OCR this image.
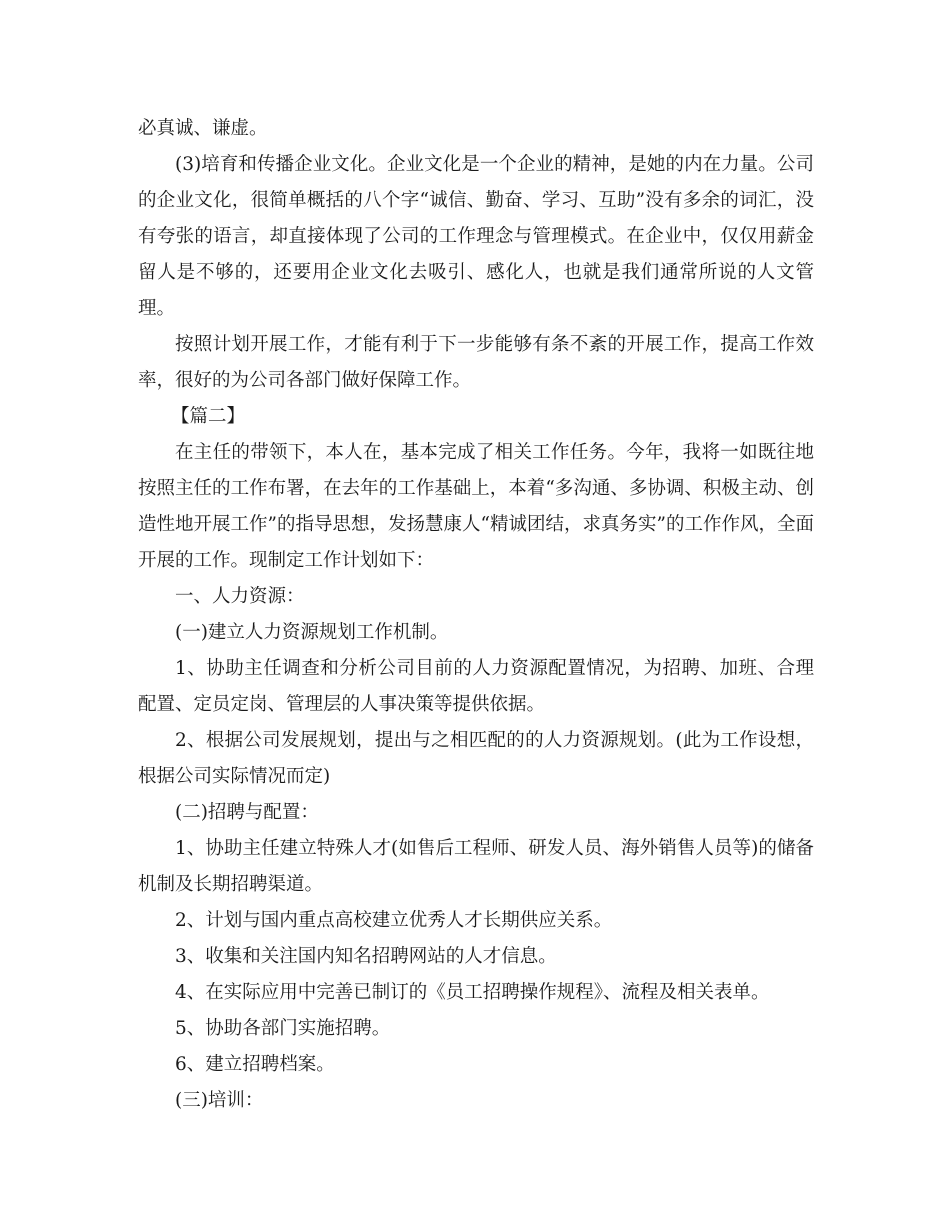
必真诚、谦虚。

(3)培育和传播企业文化。企业文化是一个企业的精神，是她的内在力量。公司的企业文化，很简单概括的八个字“诚信、勤奋、学习、互助”没有多余的词汇，没有夸张的语言，却直接体现了公司的工作理念与管理模式。在企业中，仅仅用薪金留人是不够的，还要用企业文化去吸引、感化人，也就是我们通常所说的人文管理。

按照计划开展工作，才能有利于下一步能够有条不紊的开展工作，提高工作效率，很好的为公司各部门做好保障工作。

【篇二】

在主任的带领下，本人在，基本完成了相关工作任务。今年，我将一如既往地按照主任的工作布署，在去年的工作基础上，本着“多沟通、多协调、积极主动、创造性地开展工作”的指导思想，发扬慧康人“精诚团结，求真务实”的工作作风，全面开展的工作。现制定工作计划如下：

一、人力资源：

(一)建立人力资源规划工作机制。

1、协助主任调查和分析公司目前的人力资源配置情况，为招聘、加班、合理配置、定员定岗、管理层的人事决策等提供依据。

2、根据公司发展规划，提出与之相匹配的的人力资源规划。(此为工作设想，根据公司实际情况而定)

(二)招聘与配置：

1、协助主任建立特殊人才(如售后工程师、研发人员、海外销售人员等)的储备机制及长期招聘渠道。

2、计划与国内重点高校建立优秀人才长期供应关系。

3、收集和关注国内知名招聘网站的人才信息。

4、在实际应用中完善已制订的《员工招聘操作规程》、流程及相关表单。

5、协助各部门实施招聘。

6、建立招聘档案。

(三)培训：
